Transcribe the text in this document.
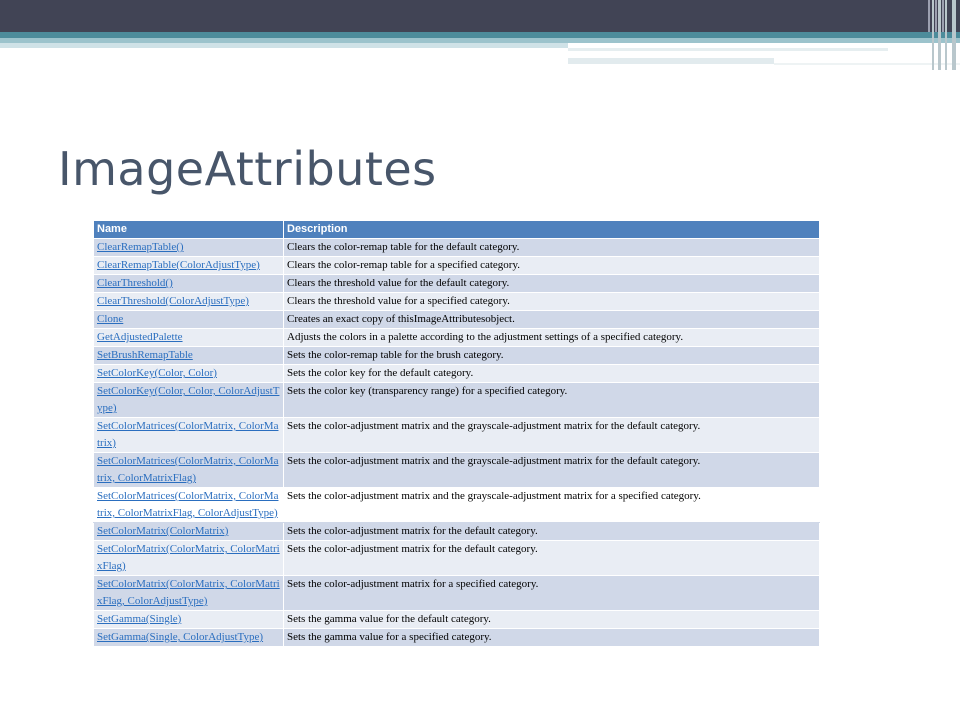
ImageAttributes
Name	Description
ClearRemapTable()	Clears the color-remap table for the default category.
ClearRemapTable(ColorAdjustType)	Clears the color-remap table for a specified category.
ClearThreshold()	Clears the threshold value for the default category.
ClearThreshold(ColorAdjustType)	Clears the threshold value for a specified category.
Clone	Creates an exact copy of thisImageAttributesobject.
GetAdjustedPalette	Adjusts the colors in a palette according to the adjustment settings of a specified category.
SetBrushRemapTable	Sets the color-remap table for the brush category.
SetColorKey(Color, Color)	Sets the color key for the default category.
SetColorKey(Color, Color, ColorAdjustType)	Sets the color key (transparency range) for a specified category.
SetColorMatrices(ColorMatrix, ColorMatrix)	Sets the color-adjustment matrix and the grayscale-adjustment matrix for the default category.
SetColorMatrices(ColorMatrix, ColorMatrix, ColorMatrixFlag)	Sets the color-adjustment matrix and the grayscale-adjustment matrix for the default category.
SetColorMatrices(ColorMatrix, ColorMatrix, ColorMatrixFlag, ColorAdjustType)	Sets the color-adjustment matrix and the grayscale-adjustment matrix for a specified category.
SetColorMatrix(ColorMatrix)	Sets the color-adjustment matrix for the default category.
SetColorMatrix(ColorMatrix, ColorMatrixFlag)	Sets the color-adjustment matrix for the default category.
SetColorMatrix(ColorMatrix, ColorMatrixFlag, ColorAdjustType)	Sets the color-adjustment matrix for a specified category.
SetGamma(Single)	Sets the gamma value for the default category.
SetGamma(Single, ColorAdjustType)	Sets the gamma value for a specified category.
